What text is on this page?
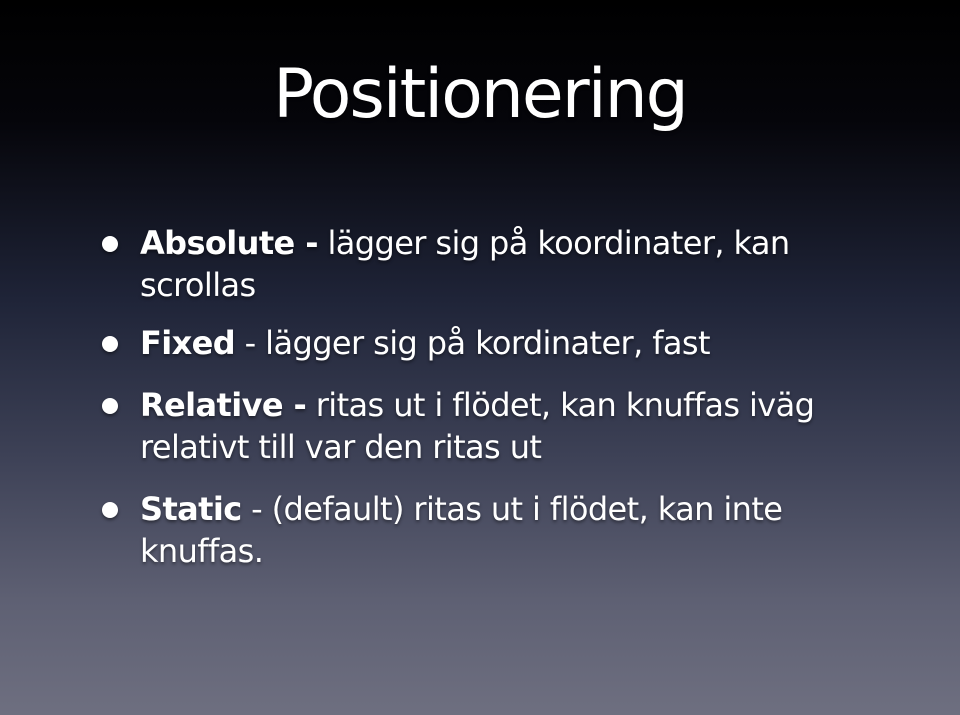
Positionering
Absolute - lägger sig på koordinater, kan scrollas
Fixed - lägger sig på kordinater, fast
Relative - ritas ut i flödet, kan knuffas iväg relativt till var den ritas ut
Static - (default) ritas ut i flödet, kan inte knuffas.
